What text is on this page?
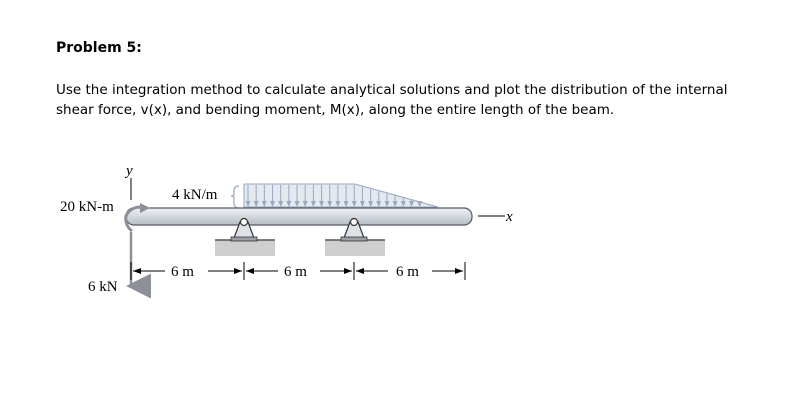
Problem 5:
Use the integration method to calculate analytical solutions and plot the distribution of the internal
shear force, v(x), and bending moment, M(x), along the entire length of the beam.
y
4 kN/m
x
20 kN-m
6 kN
6 m	6 m	6 m
